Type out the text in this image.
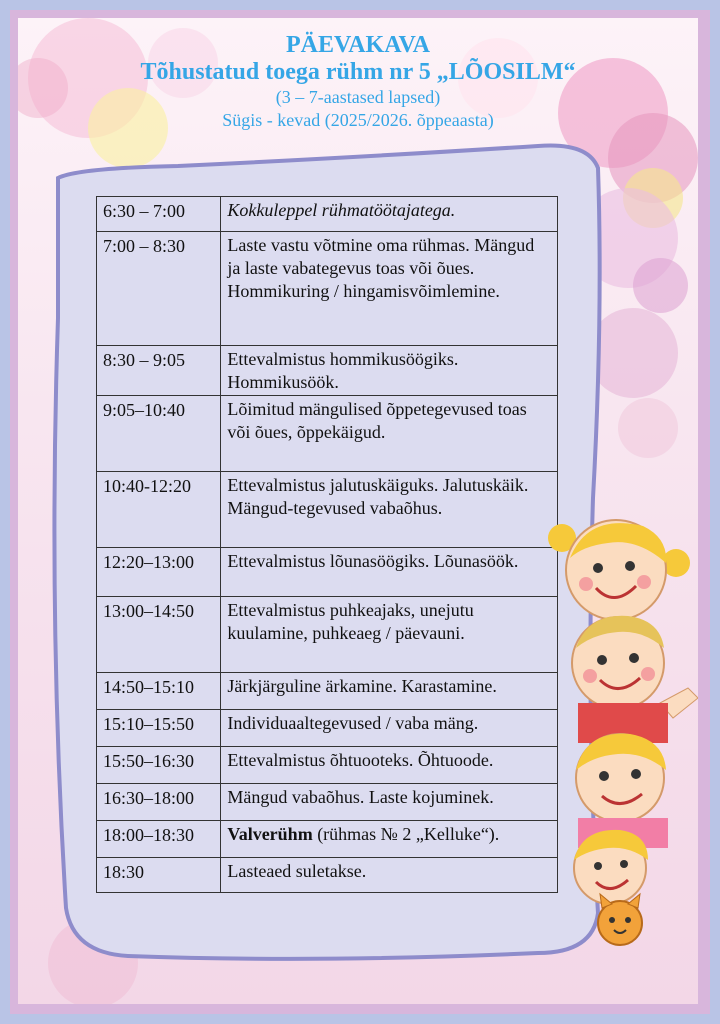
PÄEVAKAVA
Tõhustatud toega rühm nr 5 „LÕOSILM“
(3 – 7-aastased lapsed)
Sügis - kevad (2025/2026. õppeaasta)
6:30 – 7:00	Kokkuleppel rühmatöötajatega.
7:00 – 8:30	Laste vastu võtmine oma rühmas. Mängud ja laste vabategevus toas või õues. Hommikuring / hingamisvõimlemine.
8:30 – 9:05	Ettevalmistus hommikusöögiks. Hommikusöök.
9:05–10:40	Lõimitud mängulised õppetegevused toas või õues, õppekäigud.
10:40-12:20	Ettevalmistus jalutuskäiguks. Jalutuskäik. Mängud-tegevused vabaõhus.
12:20–13:00	Ettevalmistus lõunasöögiks. Lõunasöök.
13:00–14:50	Ettevalmistus puhkeajaks, unejutu kuulamine, puhkeaeg / päevauni.
14:50–15:10	Järkjärguline ärkamine. Karastamine.
15:10–15:50	Individuaaltegevused / vaba mäng.
15:50–16:30	Ettevalmistus õhtuooteks. Õhtuoode.
16:30–18:00	Mängud vabaõhus. Laste kojuminek.
18:00–18:30	Valverühm (rühmas № 2 „Kelluke“).
18:30	Lasteaed suletakse.
